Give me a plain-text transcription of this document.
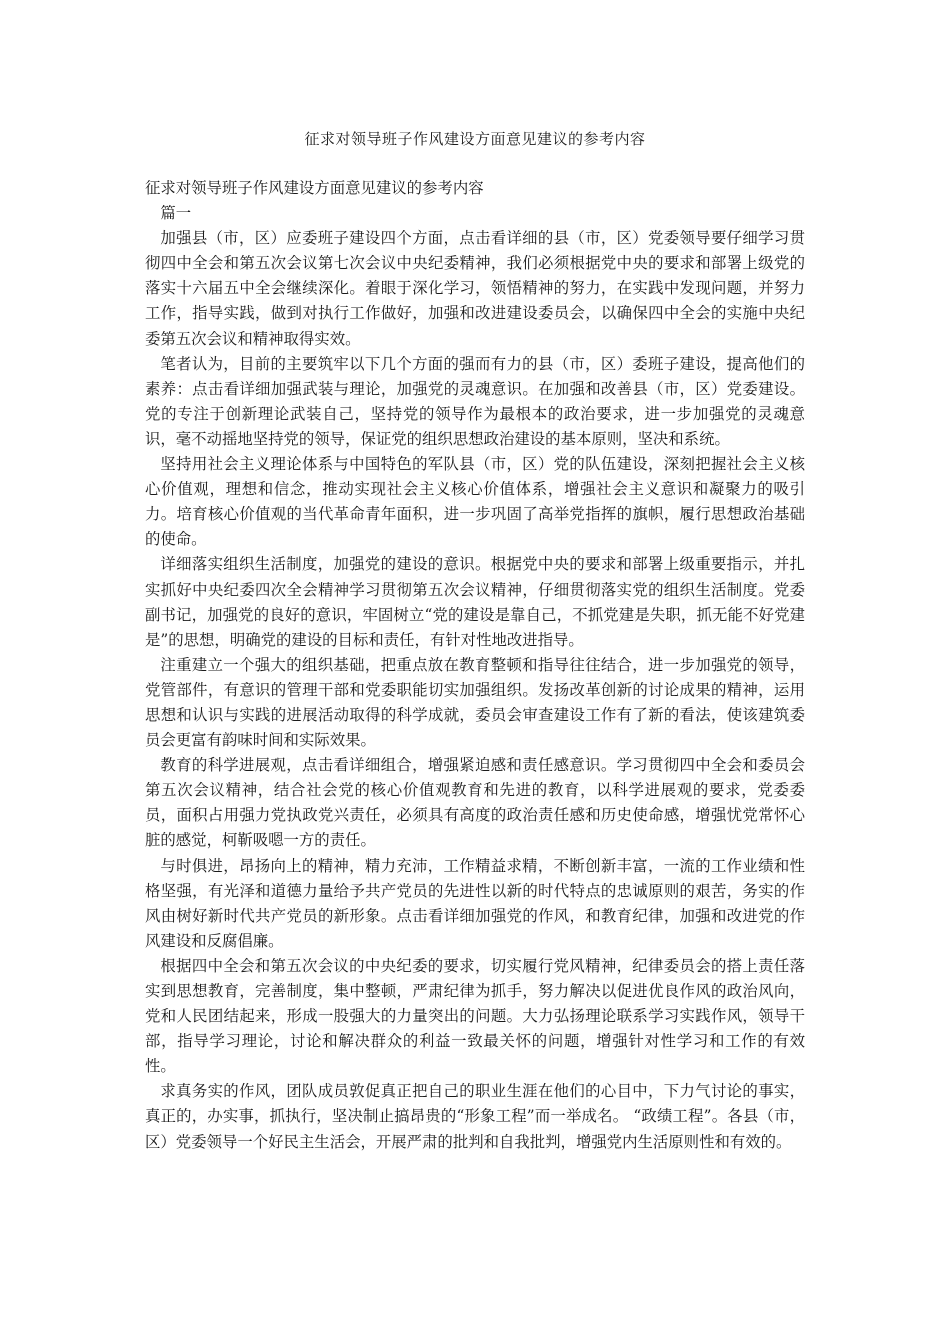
征求对领导班子作风建设方面意见建议的参考内容

征求对领导班子作风建设方面意见建议的参考内容

篇一

加强县（市，区）应委班子建设四个方面，点击看详细的县（市，区）党委领导要仔细学习贯彻四中全会和第五次会议第七次会议中央纪委精神，我们必须根据党中央的要求和部署上级党的落实十六届五中全会继续深化。着眼于深化学习，领悟精神的努力，在实践中发现问题，并努力工作，指导实践，做到对执行工作做好，加强和改进建设委员会，以确保四中全会的实施中央纪委第五次会议和精神取得实效。

笔者认为，目前的主要筑牢以下几个方面的强而有力的县（市，区）委班子建设，提高他们的素养：点击看详细加强武装与理论，加强党的灵魂意识。在加强和改善县（市，区）党委建设。党的专注于创新理论武装自己，坚持党的领导作为最根本的政治要求，进一步加强党的灵魂意识，毫不动摇地坚持党的领导，保证党的组织思想政治建设的基本原则，坚决和系统。

坚持用社会主义理论体系与中国特色的军队县（市，区）党的队伍建设，深刻把握社会主义核心价值观，理想和信念，推动实现社会主义核心价值体系，增强社会主义意识和凝聚力的吸引力。培育核心价值观的当代革命青年面积，进一步巩固了高举党指挥的旗帜，履行思想政治基础的使命。

详细落实组织生活制度，加强党的建设的意识。根据党中央的要求和部署上级重要指示，并扎实抓好中央纪委四次全会精神学习贯彻第五次会议精神，仔细贯彻落实党的组织生活制度。党委副书记，加强党的良好的意识，牢固树立“党的建设是靠自己，不抓党建是失职，抓无能不好党建是”的思想，明确党的建设的目标和责任，有针对性地改进指导。

注重建立一个强大的组织基础，把重点放在教育整顿和指导往往结合，进一步加强党的领导，党管部件，有意识的管理干部和党委职能切实加强组织。发扬改革创新的讨论成果的精神，运用思想和认识与实践的进展活动取得的科学成就，委员会审查建设工作有了新的看法，使该建筑委员会更富有韵味时间和实际效果。

教育的科学进展观，点击看详细组合，增强紧迫感和责任感意识。学习贯彻四中全会和委员会第五次会议精神，结合社会党的核心价值观教育和先进的教育，以科学进展观的要求，党委委员，面积占用强力党执政党兴责任，必须具有高度的政治责任感和历史使命感，增强忧党常怀心脏的感觉，柯靳吸嗯一方的责任。

与时俱进，昂扬向上的精神，精力充沛，工作精益求精，不断创新丰富，一流的工作业绩和性格坚强，有光泽和道德力量给予共产党员的先进性以新的时代特点的忠诚原则的艰苦，务实的作风由树好新时代共产党员的新形象。点击看详细加强党的作风，和教育纪律，加强和改进党的作风建设和反腐倡廉。

根据四中全会和第五次会议的中央纪委的要求，切实履行党风精神，纪律委员会的搭上责任落实到思想教育，完善制度，集中整顿，严肃纪律为抓手，努力解决以促进优良作风的政治风向，党和人民团结起来，形成一股强大的力量突出的问题。大力弘扬理论联系学习实践作风，领导干部，指导学习理论，讨论和解决群众的利益一致最关怀的问题，增强针对性学习和工作的有效性。

求真务实的作风，团队成员敦促真正把自己的职业生涯在他们的心目中，下力气讨论的事实，真正的，办实事，抓执行，坚决制止搞昂贵的“形象工程”而一举成名。 “政绩工程”。各县（市，区）党委领导一个好民主生活会，开展严肃的批判和自我批判，增强党内生活原则性和有效的。
